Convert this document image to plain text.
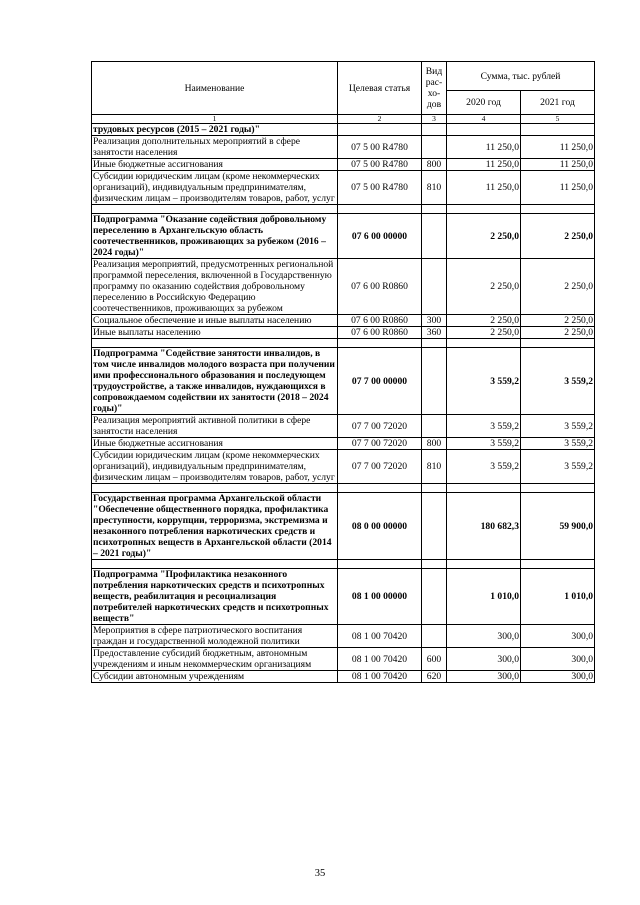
Наименование	Целевая статья	Вид рас-хо-дов	Сумма, тыс. рублей	
			2020 год	2021 год
1	2	3	4	5
трудовых ресурсов (2015 – 2021 годы)"				
Реализация дополнительных мероприятий в сфере занятости населения	07 5 00 R4780		11 250,0	11 250,0
Иные бюджетные ассигнования	07 5 00 R4780	800	11 250,0	11 250,0
Субсидии юридическим лицам (кроме некоммерческих организаций), индивидуальным предпринимателям, физическим лицам – производителям товаров, работ, услуг	07 5 00 R4780	810	11 250,0	11 250,0

Подпрограмма "Оказание содействия добровольному переселению в Архангельскую область соотечественников, проживающих за рубежом (2016 – 2024 годы)"	07 6 00 00000		2 250,0	2 250,0
Реализация мероприятий, предусмотренных региональной программой переселения, включенной в Государственную программу по оказанию содействия добровольному переселению в Российскую Федерацию соотечественников, проживающих за рубежом	07 6 00 R0860		2 250,0	2 250,0
Социальное обеспечение и иные выплаты населению	07 6 00 R0860	300	2 250,0	2 250,0
Иные выплаты населению	07 6 00 R0860	360	2 250,0	2 250,0

Подпрограмма "Содействие занятости инвалидов, в том числе инвалидов молодого возраста при получении ими профессионального образования и последующем трудоустройстве, а также инвалидов, нуждающихся в сопровождаемом содействии их занятости (2018 – 2024 годы)"	07 7 00 00000		3 559,2	3 559,2
Реализация мероприятий активной политики в сфере занятости населения	07 7 00 72020		3 559,2	3 559,2
Иные бюджетные ассигнования	07 7 00 72020	800	3 559,2	3 559,2
Субсидии юридическим лицам (кроме некоммерческих организаций), индивидуальным предпринимателям, физическим лицам – производителям товаров, работ, услуг	07 7 00 72020	810	3 559,2	3 559,2

Государственная программа Архангельской области "Обеспечение общественного порядка, профилактика преступности, коррупции, терроризма, экстремизма и незаконного потребления наркотических средств и психотропных веществ в Архангельской области (2014 – 2021 годы)"	08 0 00 00000		180 682,3	59 900,0

Подпрограмма "Профилактика незаконного потребления наркотических средств и психотропных веществ, реабилитация и ресоциализация потребителей наркотических средств и психотропных веществ"	08 1 00 00000		1 010,0	1 010,0
Мероприятия в сфере патриотического воспитания граждан и государственной молодежной политики	08 1 00 70420		300,0	300,0
Предоставление субсидий бюджетным, автономным учреждениям и иным некоммерческим организациям	08 1 00 70420	600	300,0	300,0
Субсидии автономным учреждениям	08 1 00 70420	620	300,0	300,0
35
